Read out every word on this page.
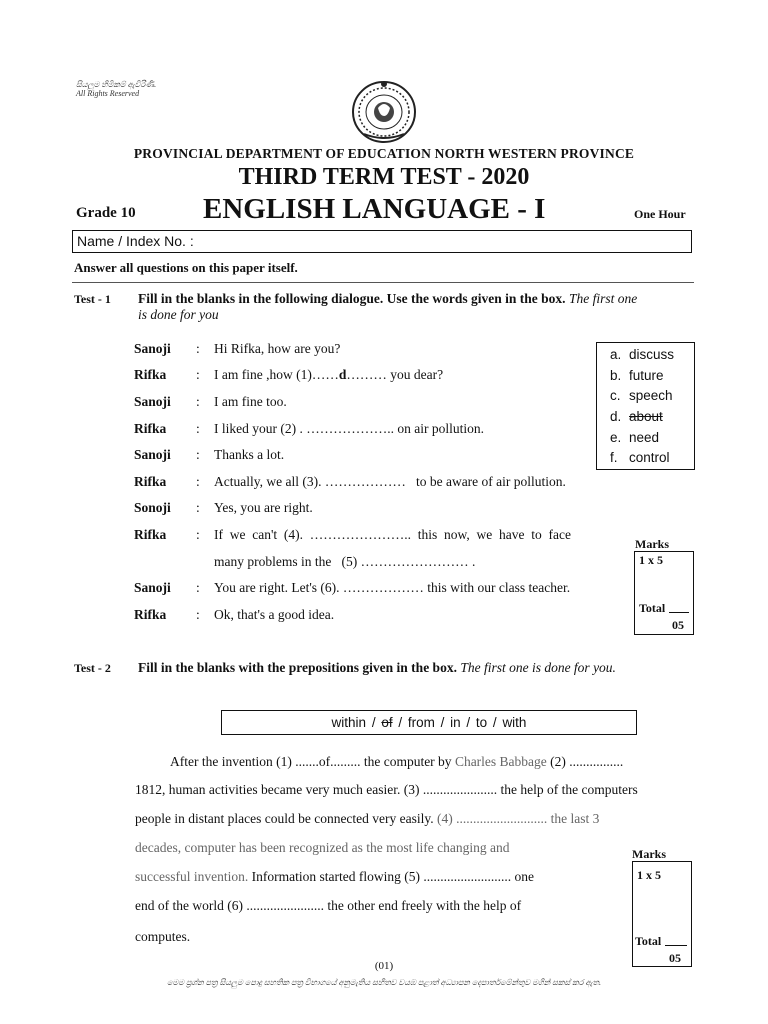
සියලුම හිමිකම් ඇවිරිණි.
All Rights Reserved
PROVINCIAL DEPARTMENT OF EDUCATION NORTH WESTERN PROVINCE
THIRD TERM TEST - 2020
Grade 10 ENGLISH LANGUAGE - I	One Hour
Name / Index No. :
Answer all questions on this paper itself.
Test - 1 Fill in the blanks in the following dialogue. Use the words given in the box. The first one
is done for you
Sanoji : Hi Rifka, how are you?
Rifka : I am fine ,how (1)……d……… you dear?
Sanoji : I am fine too.
Rifka : I liked your (2) . ……………….. on air pollution.
Sanoji : Thanks a lot.
Rifka : Actually, we all (3). ………………   to be aware of air pollution.
Sonoji : Yes, you are right.
Rifka : If  we  can't  (4).  …………………..  this  now,  we  have  to  face
many problems in the   (5) …………………… .
Sanoji : You are right. Let's (6). ……………… this with our class teacher.
Rifka : Ok, that's a good idea.
a. discuss
b. future
c. speech
d. about
e. need
f. control
Marks
1 x 5
Total
05
Test - 2 Fill in the blanks with the prepositions given in the box. The first one is done for you.
within / of / from / in / to / with
After the invention (1) .......of......... the computer by Charles Babbage (2) ................
1812, human activities became very much easier. (3) ...................... the help of the computers
people in distant places could be connected very easily. (4) ........................... the last 3
decades, computer has been recognized as the most life changing and
successful invention. Information started flowing (5) .......................... one
end of the world (6) ....................... the other end freely with the help of
computes.
Marks
1 x 5
Total
05
(01)
මෙම ප්‍රශ්න පත්‍ර සියලුම පොදු සහතික පත්‍ර විභාගයේ අනුමැතිය සහිතව වයඹ පළාත් අධ්‍යාපන දෙපාර්තමේන්තුව මගින් සකස් කර ඇත.
